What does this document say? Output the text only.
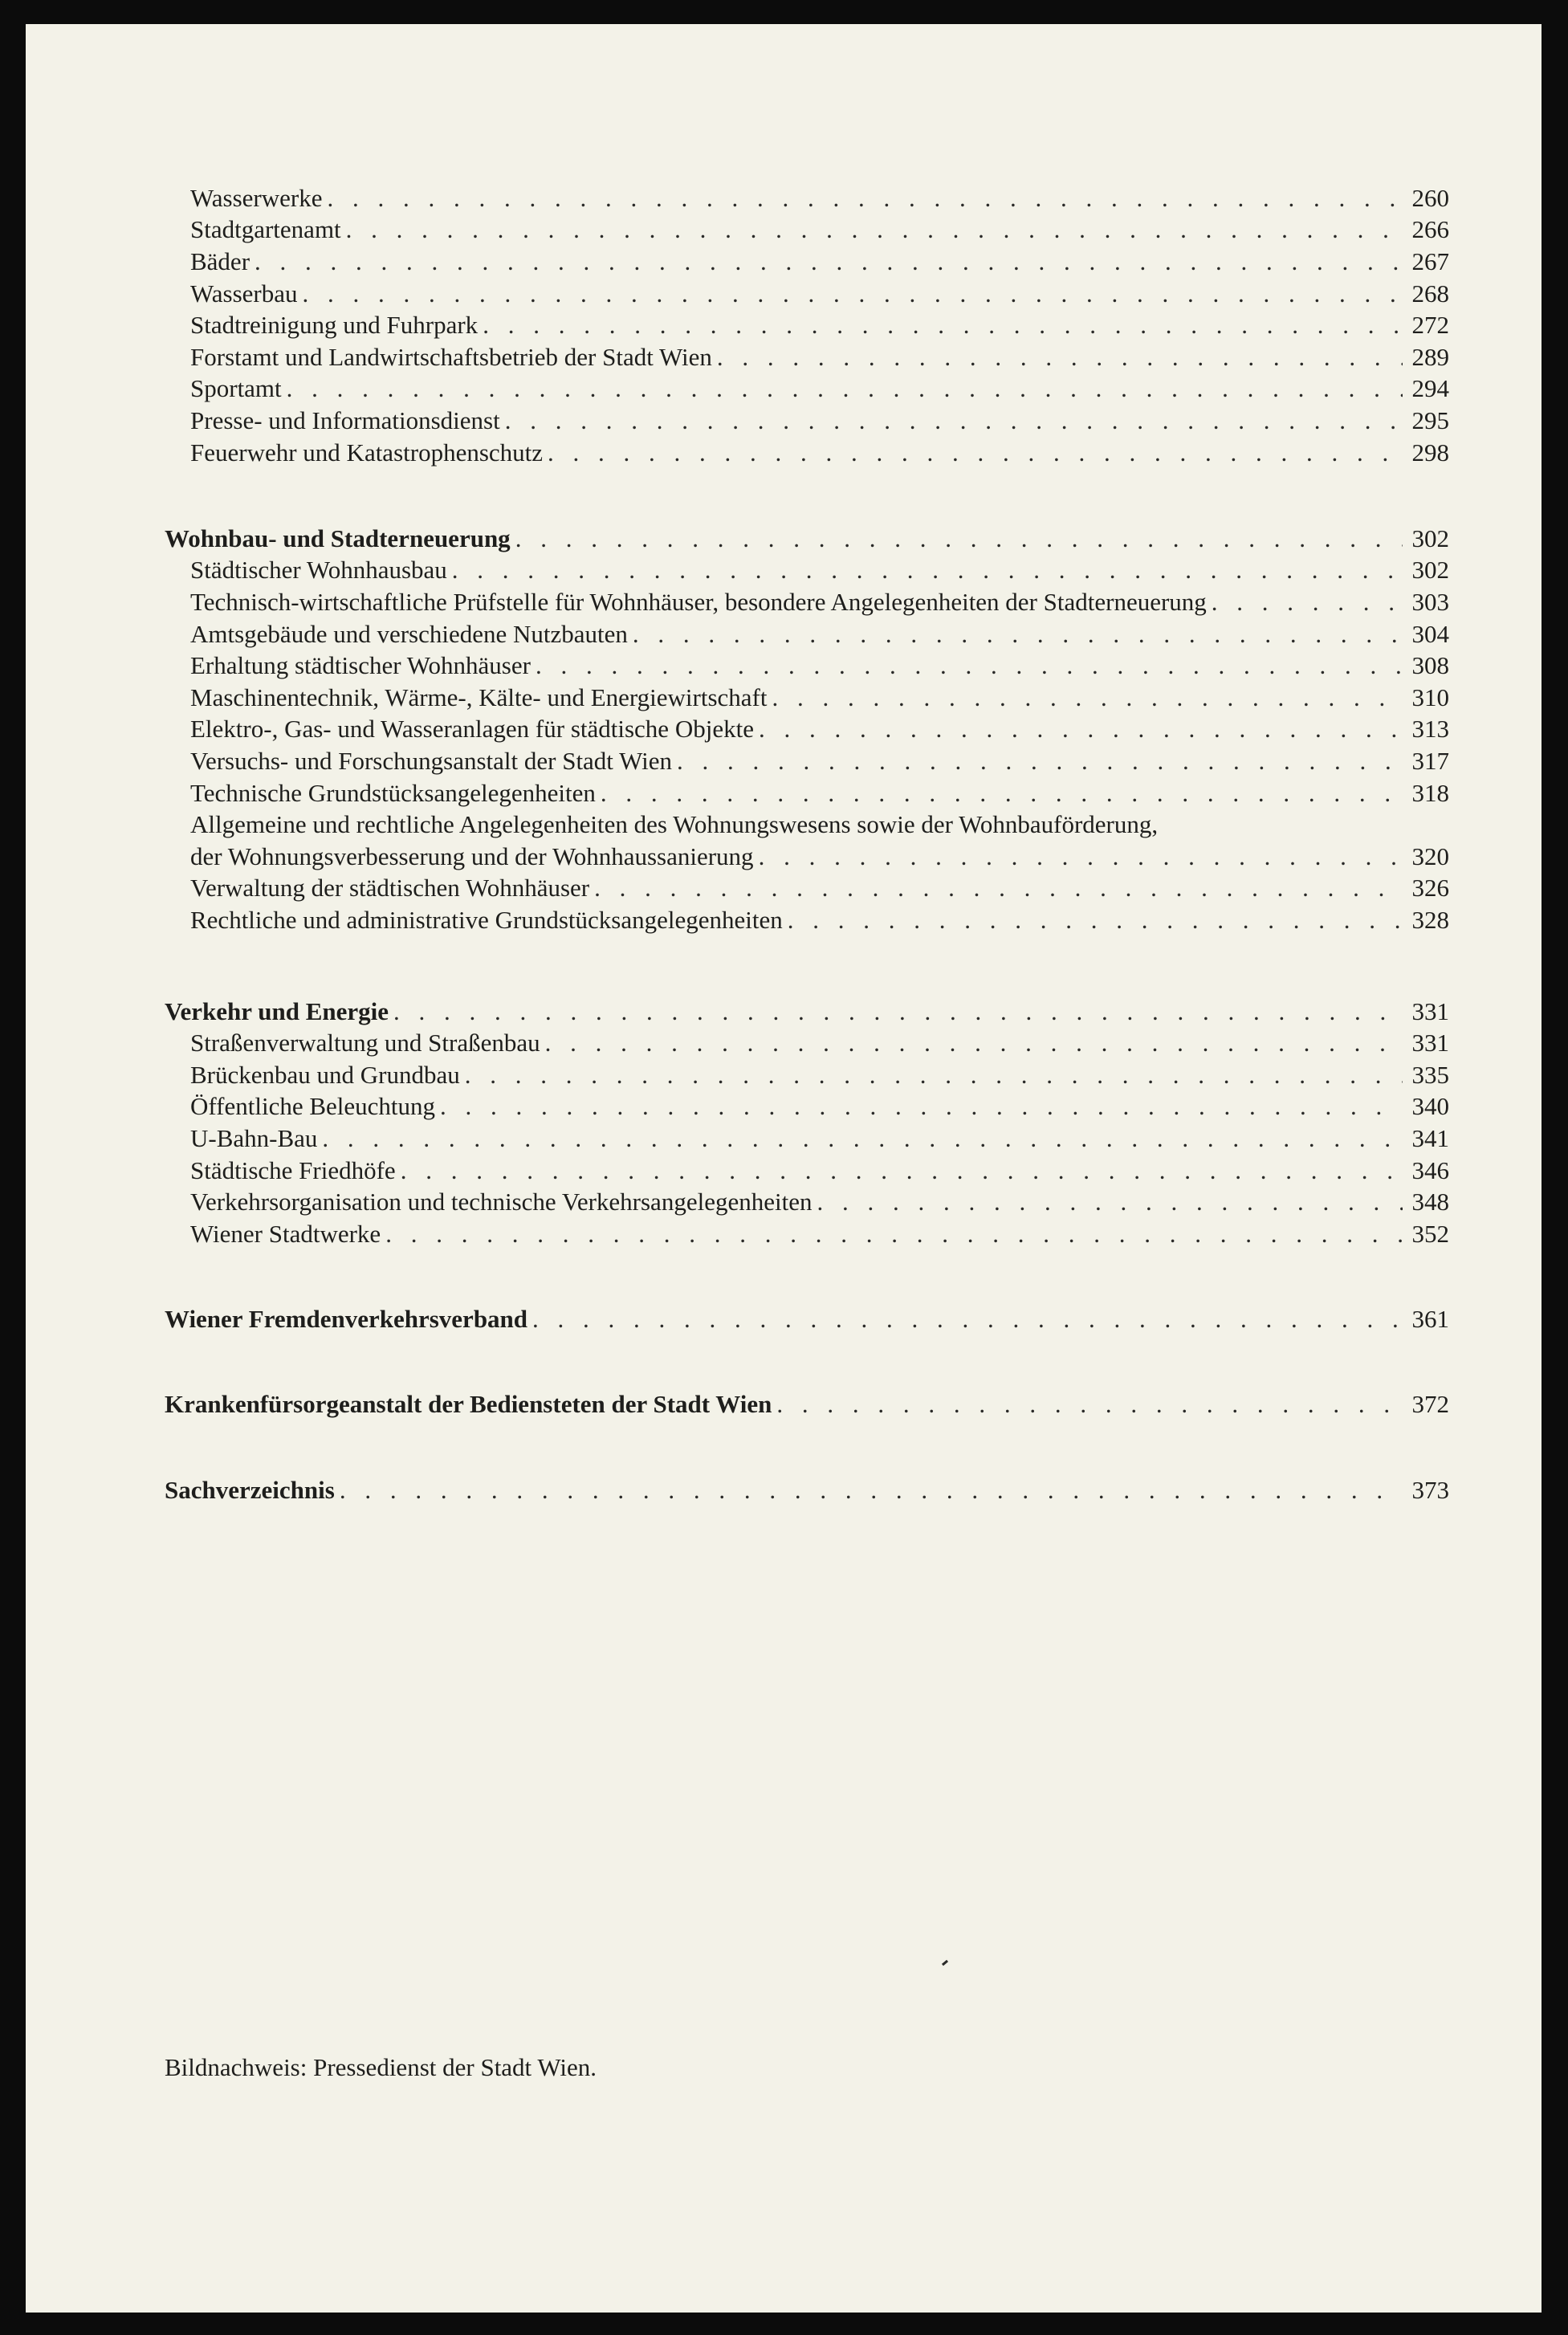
Wasserwerke . . .	260
Stadtgartenamt . . .	266
Bäder . . .	267
Wasserbau . . .	268
Stadtreinigung und Fuhrpark . . .	272
Forstamt und Landwirtschaftsbetrieb der Stadt Wien . . .	289
Sportamt . . .	294
Presse- und Informationsdienst . . .	295
Feuerwehr und Katastrophenschutz . . .	298
Wohnbau- und Stadterneuerung . . .	302
Städtischer Wohnhausbau . . .	302
Technisch-wirtschaftliche Prüfstelle für Wohnhäuser, besondere Angelegenheiten der Stadterneuerung . . .	303
Amtsgebäude und verschiedene Nutzbauten . . .	304
Erhaltung städtischer Wohnhäuser . . .	308
Maschinentechnik, Wärme-, Kälte- und Energiewirtschaft . . .	310
Elektro-, Gas- und Wasseranlagen für städtische Objekte . . .	313
Versuchs- und Forschungsanstalt der Stadt Wien . . .	317
Technische Grundstücksangelegenheiten . . .	318
Allgemeine und rechtliche Angelegenheiten des Wohnungswesens sowie der Wohnbauförderung,
der Wohnungsverbesserung und der Wohnhaussanierung . . .	320
Verwaltung der städtischen Wohnhäuser . . .	326
Rechtliche und administrative Grundstücksangelegenheiten . . .	328
Verkehr und Energie . . .	331
Straßenverwaltung und Straßenbau . . .	331
Brückenbau und Grundbau . . .	335
Öffentliche Beleuchtung . . .	340
U-Bahn-Bau . . .	341
Städtische Friedhöfe . . .	346
Verkehrsorganisation und technische Verkehrsangelegenheiten . . .	348
Wiener Stadtwerke . . .	352
Wiener Fremdenverkehrsverband . . .	361
Krankenfürsorgeanstalt der Bediensteten der Stadt Wien . . .	372
Sachverzeichnis . . .	373
Bildnachweis: Pressedienst der Stadt Wien.
